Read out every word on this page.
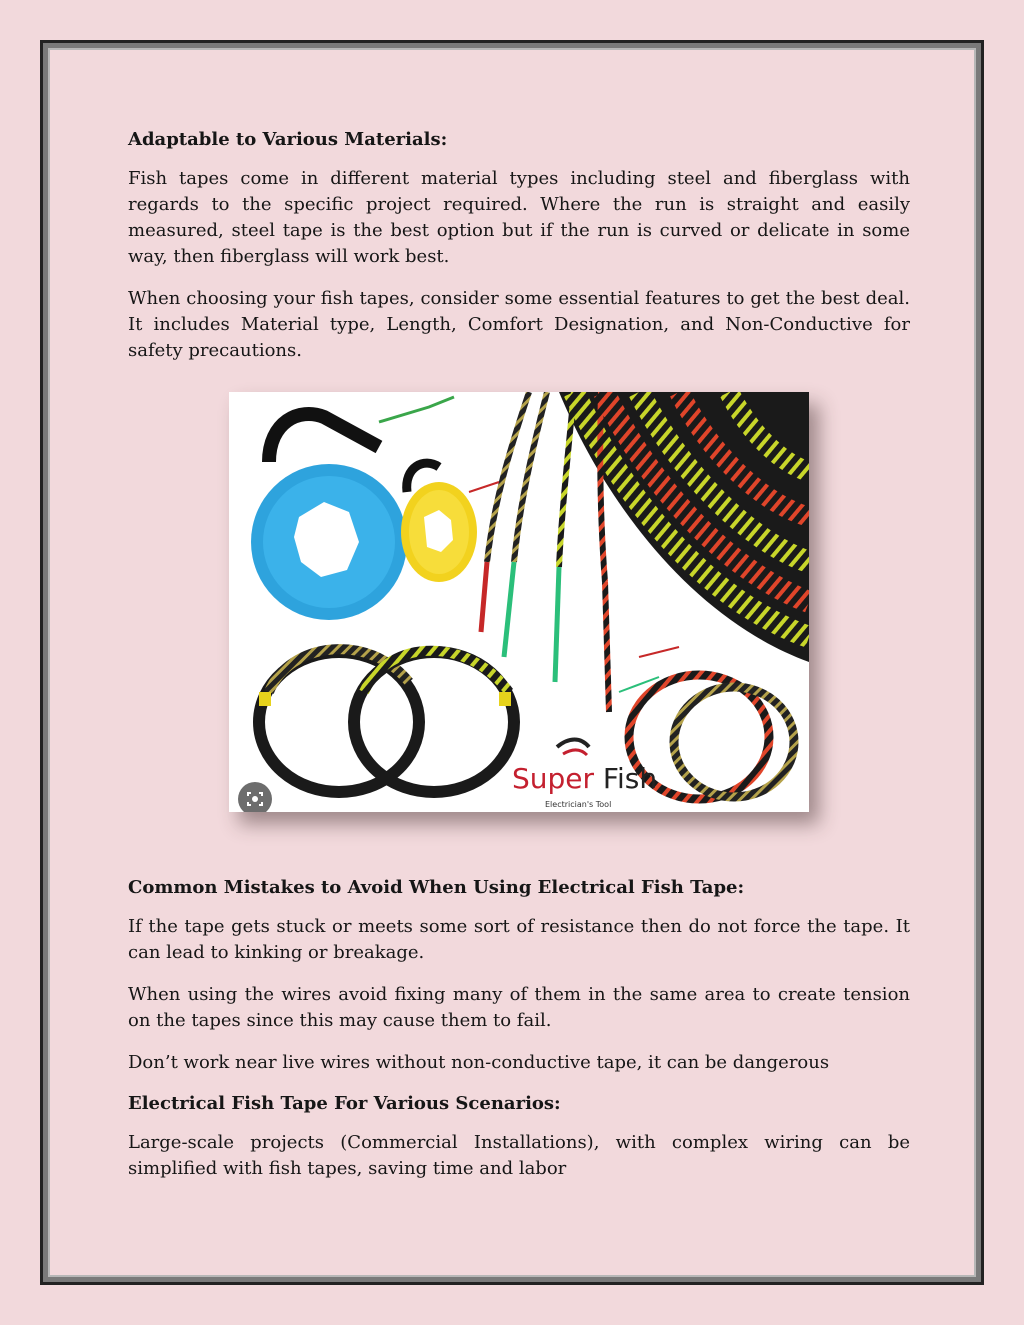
Adaptable to Various Materials:

Fish tapes come in different material types including steel and fiberglass with regards to the specific project required. Where the run is straight and easily measured, steel tape is the best option but if the run is curved or delicate in some way, then fiberglass will work best.

When choosing your fish tapes, consider some essential features to get the best deal. It includes Material type, Length, Comfort Designation, and Non-Conductive for safety precautions.

Super Fish
Electrician's Tool
Common Mistakes to Avoid When Using Electrical Fish Tape:

If the tape gets stuck or meets some sort of resistance then do not force the tape. It can lead to kinking or breakage.

When using the wires avoid fixing many of them in the same area to create tension on the tapes since this may cause them to fail.

Don’t work near live wires without non-conductive tape, it can be dangerous

Electrical Fish Tape For Various Scenarios:

Large-scale projects (Commercial Installations), with complex wiring can be simplified with fish tapes, saving time and labor
